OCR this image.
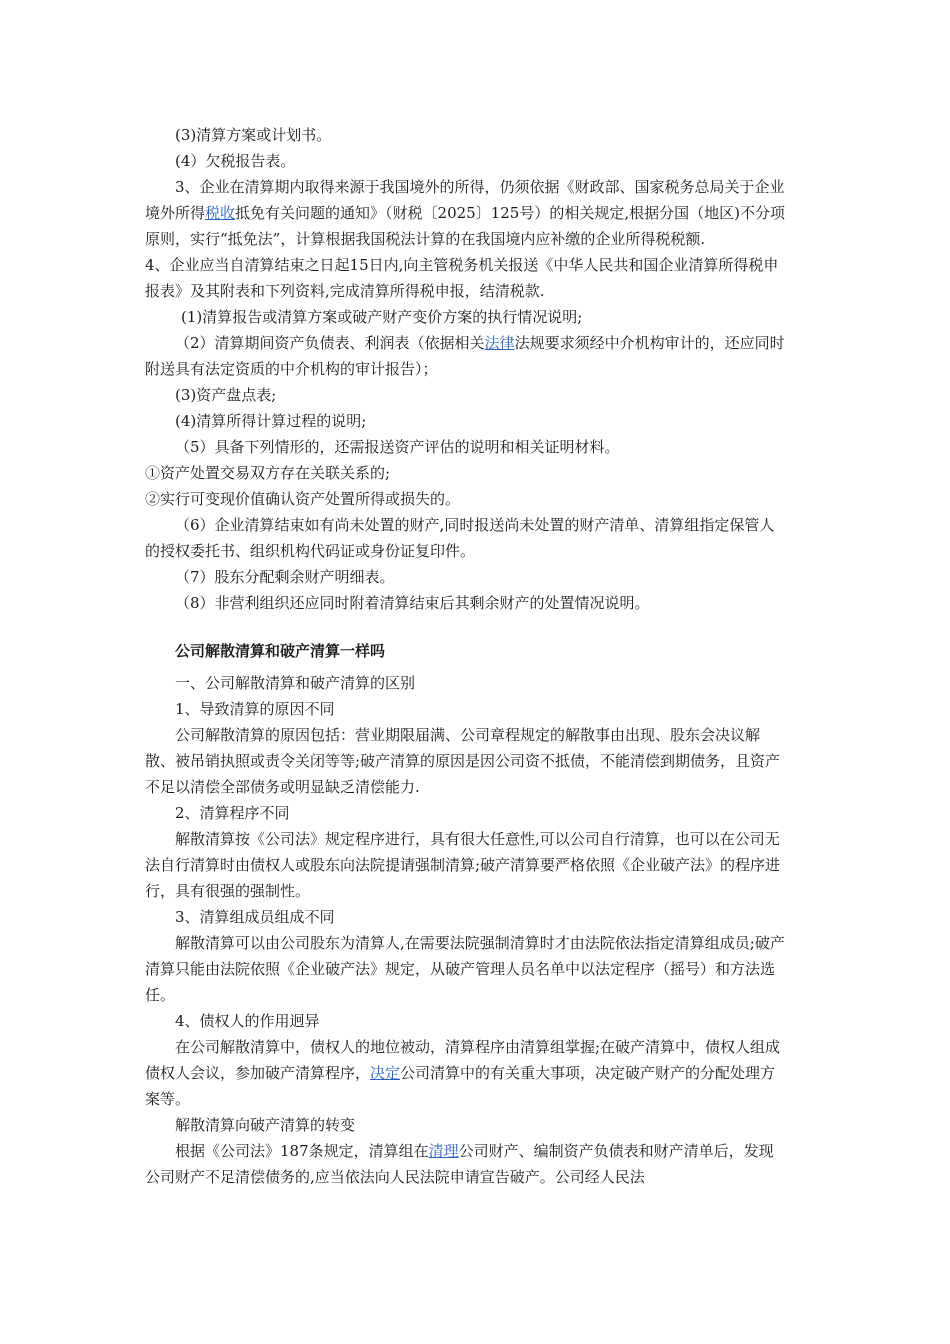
(3)清算方案或计划书。

(4）欠税报告表。

3、企业在清算期内取得来源于我国境外的所得，仍须依据《财政部、国家税务总局关于企业境外所得税收抵免有关问题的通知》（财税〔2025〕125号）的相关规定,根据分国（地区)不分项原则，实行“抵免法”，计算根据我国税法计算的在我国境内应补缴的企业所得税税额.

4、企业应当自清算结束之日起15日内,向主管税务机关报送《中华人民共和国企业清算所得税申报表》及其附表和下列资料,完成清算所得税申报，结清税款.

(1)清算报告或清算方案或破产财产变价方案的执行情况说明;

（2）清算期间资产负债表、利润表（依据相关法律法规要求须经中介机构审计的，还应同时附送具有法定资质的中介机构的审计报告）；

(3)资产盘点表;

(4)清算所得计算过程的说明;

（5）具备下列情形的，还需报送资产评估的说明和相关证明材料。

①资产处置交易双方存在关联关系的;

②实行可变现价值确认资产处置所得或损失的。

（6）企业清算结束如有尚未处置的财产,同时报送尚未处置的财产清单、清算组指定保管人的授权委托书、组织机构代码证或身份证复印件。

（7）股东分配剩余财产明细表。

（8）非营利组织还应同时附着清算结束后其剩余财产的处置情况说明。

公司解散清算和破产清算一样吗

一、公司解散清算和破产清算的区别

1、导致清算的原因不同

公司解散清算的原因包括：营业期限届满、公司章程规定的解散事由出现、股东会决议解散、被吊销执照或责令关闭等等;破产清算的原因是因公司资不抵债，不能清偿到期债务，且资产不足以清偿全部债务或明显缺乏清偿能力.

2、清算程序不同

解散清算按《公司法》规定程序进行，具有很大任意性,可以公司自行清算，也可以在公司无法自行清算时由债权人或股东向法院提请强制清算;破产清算要严格依照《企业破产法》的程序进行，具有很强的强制性。

3、清算组成员组成不同

解散清算可以由公司股东为清算人,在需要法院强制清算时才由法院依法指定清算组成员;破产清算只能由法院依照《企业破产法》规定，从破产管理人员名单中以法定程序（摇号）和方法选任。

4、债权人的作用迥异

在公司解散清算中，债权人的地位被动，清算程序由清算组掌握;在破产清算中，债权人组成债权人会议，参加破产清算程序，决定公司清算中的有关重大事项，决定破产财产的分配处理方案等。

解散清算向破产清算的转变

根据《公司法》187条规定，清算组在清理公司财产、编制资产负债表和财产清单后，发现公司财产不足清偿债务的,应当依法向人民法院申请宣告破产。公司经人民法
